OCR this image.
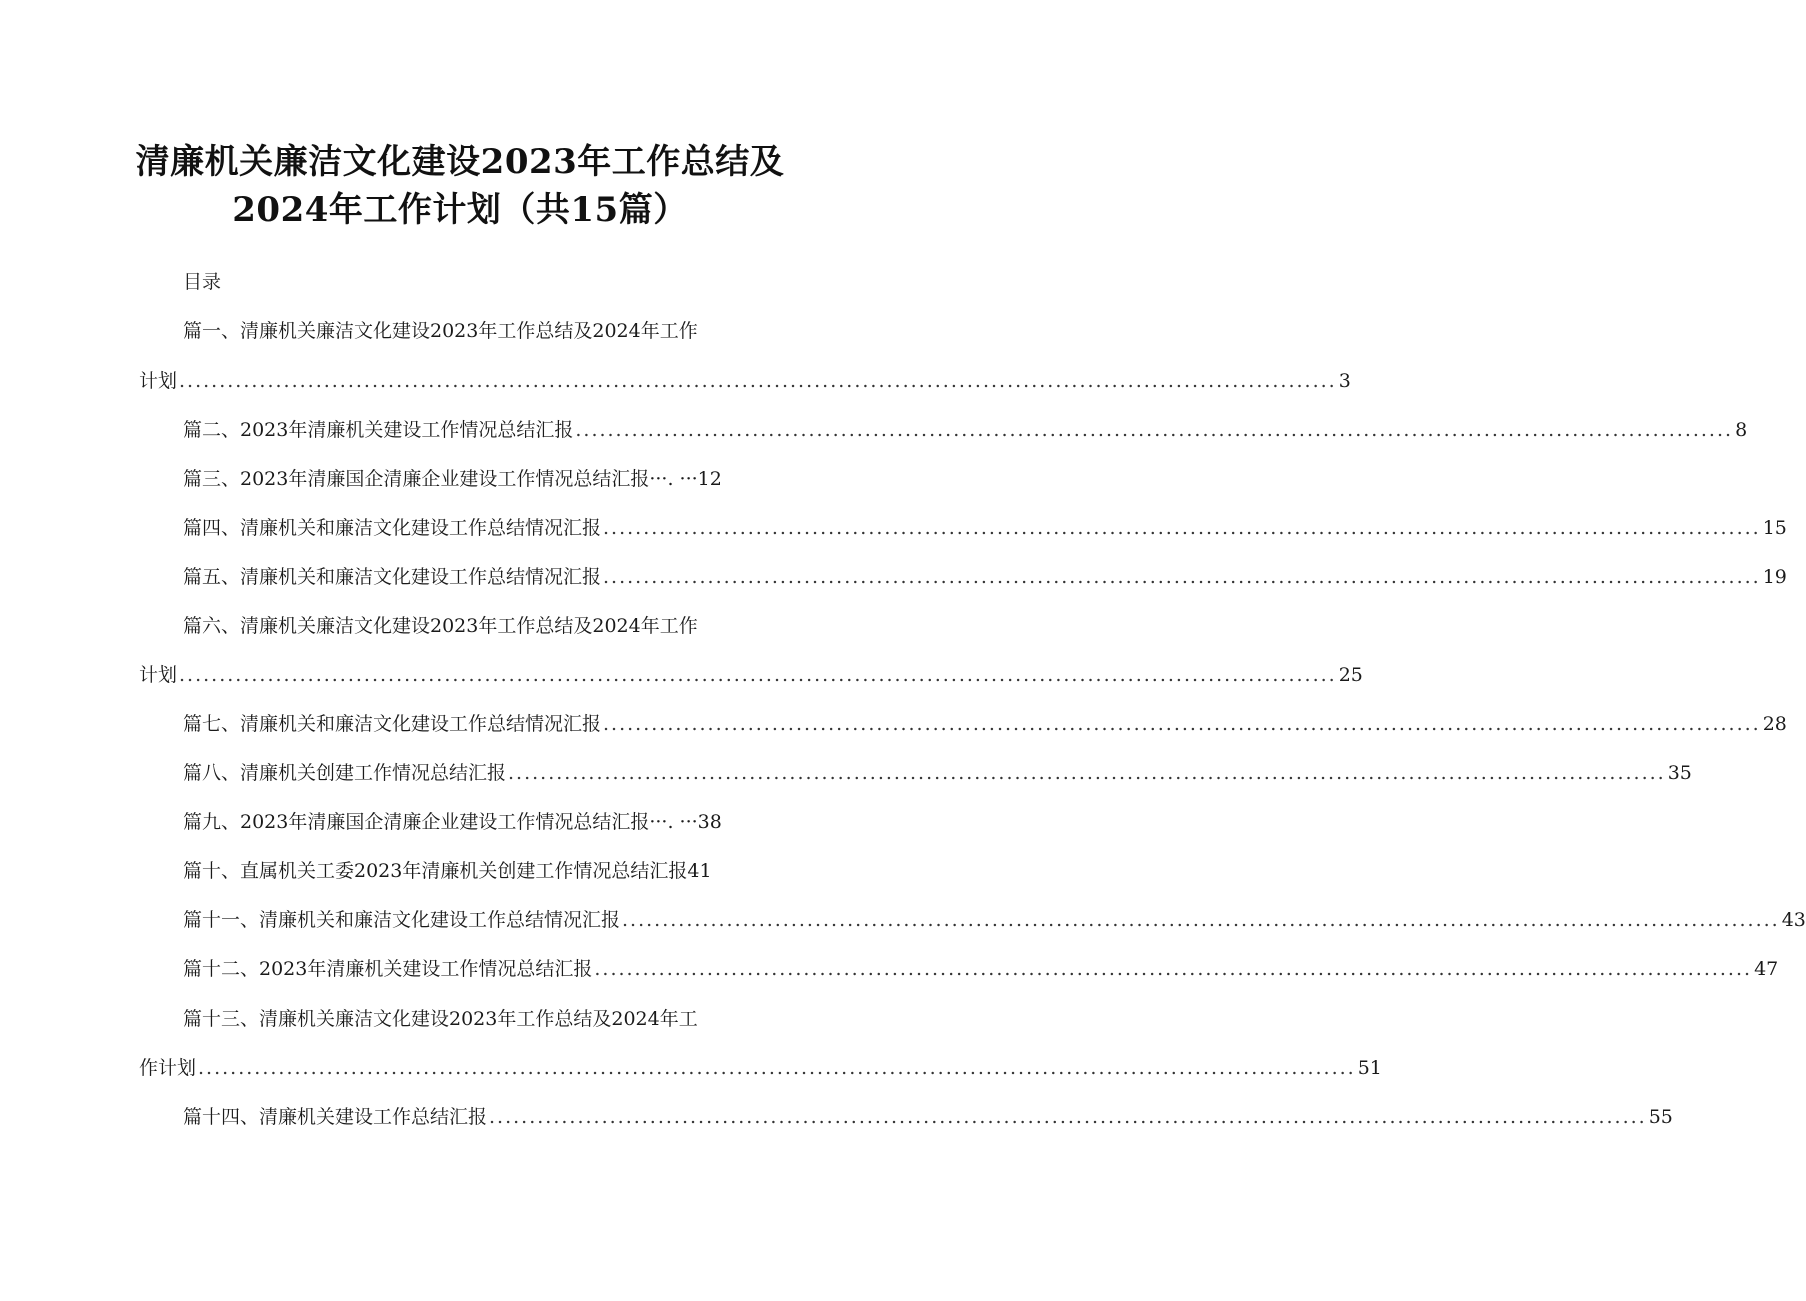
清廉机关廉洁文化建设2023年工作总结及
2024年工作计划（共15篇）
目录
篇一、清廉机关廉洁文化建设2023年工作总结及2024年工作
计划 ................................................................................................................................................ 3
篇二、2023年清廉机关建设工作情况总结汇报 ................................................................................................................................................ 8
篇三、2023年清廉国企清廉企业建设工作情况总结汇报···. ···12
篇四、清廉机关和廉洁文化建设工作总结情况汇报 ................................................................................................................................................ 15
篇五、清廉机关和廉洁文化建设工作总结情况汇报 ................................................................................................................................................ 19
篇六、清廉机关廉洁文化建设2023年工作总结及2024年工作
计划 ................................................................................................................................................ 25
篇七、清廉机关和廉洁文化建设工作总结情况汇报 ................................................................................................................................................ 28
篇八、清廉机关创建工作情况总结汇报 ................................................................................................................................................ 35
篇九、2023年清廉国企清廉企业建设工作情况总结汇报···. ···38
篇十、直属机关工委2023年清廉机关创建工作情况总结汇报41
篇十一、清廉机关和廉洁文化建设工作总结情况汇报 ................................................................................................................................................ 43
篇十二、2023年清廉机关建设工作情况总结汇报 ................................................................................................................................................ 47
篇十三、清廉机关廉洁文化建设2023年工作总结及2024年工
作计划 ................................................................................................................................................ 51
篇十四、清廉机关建设工作总结汇报 ................................................................................................................................................ 55
